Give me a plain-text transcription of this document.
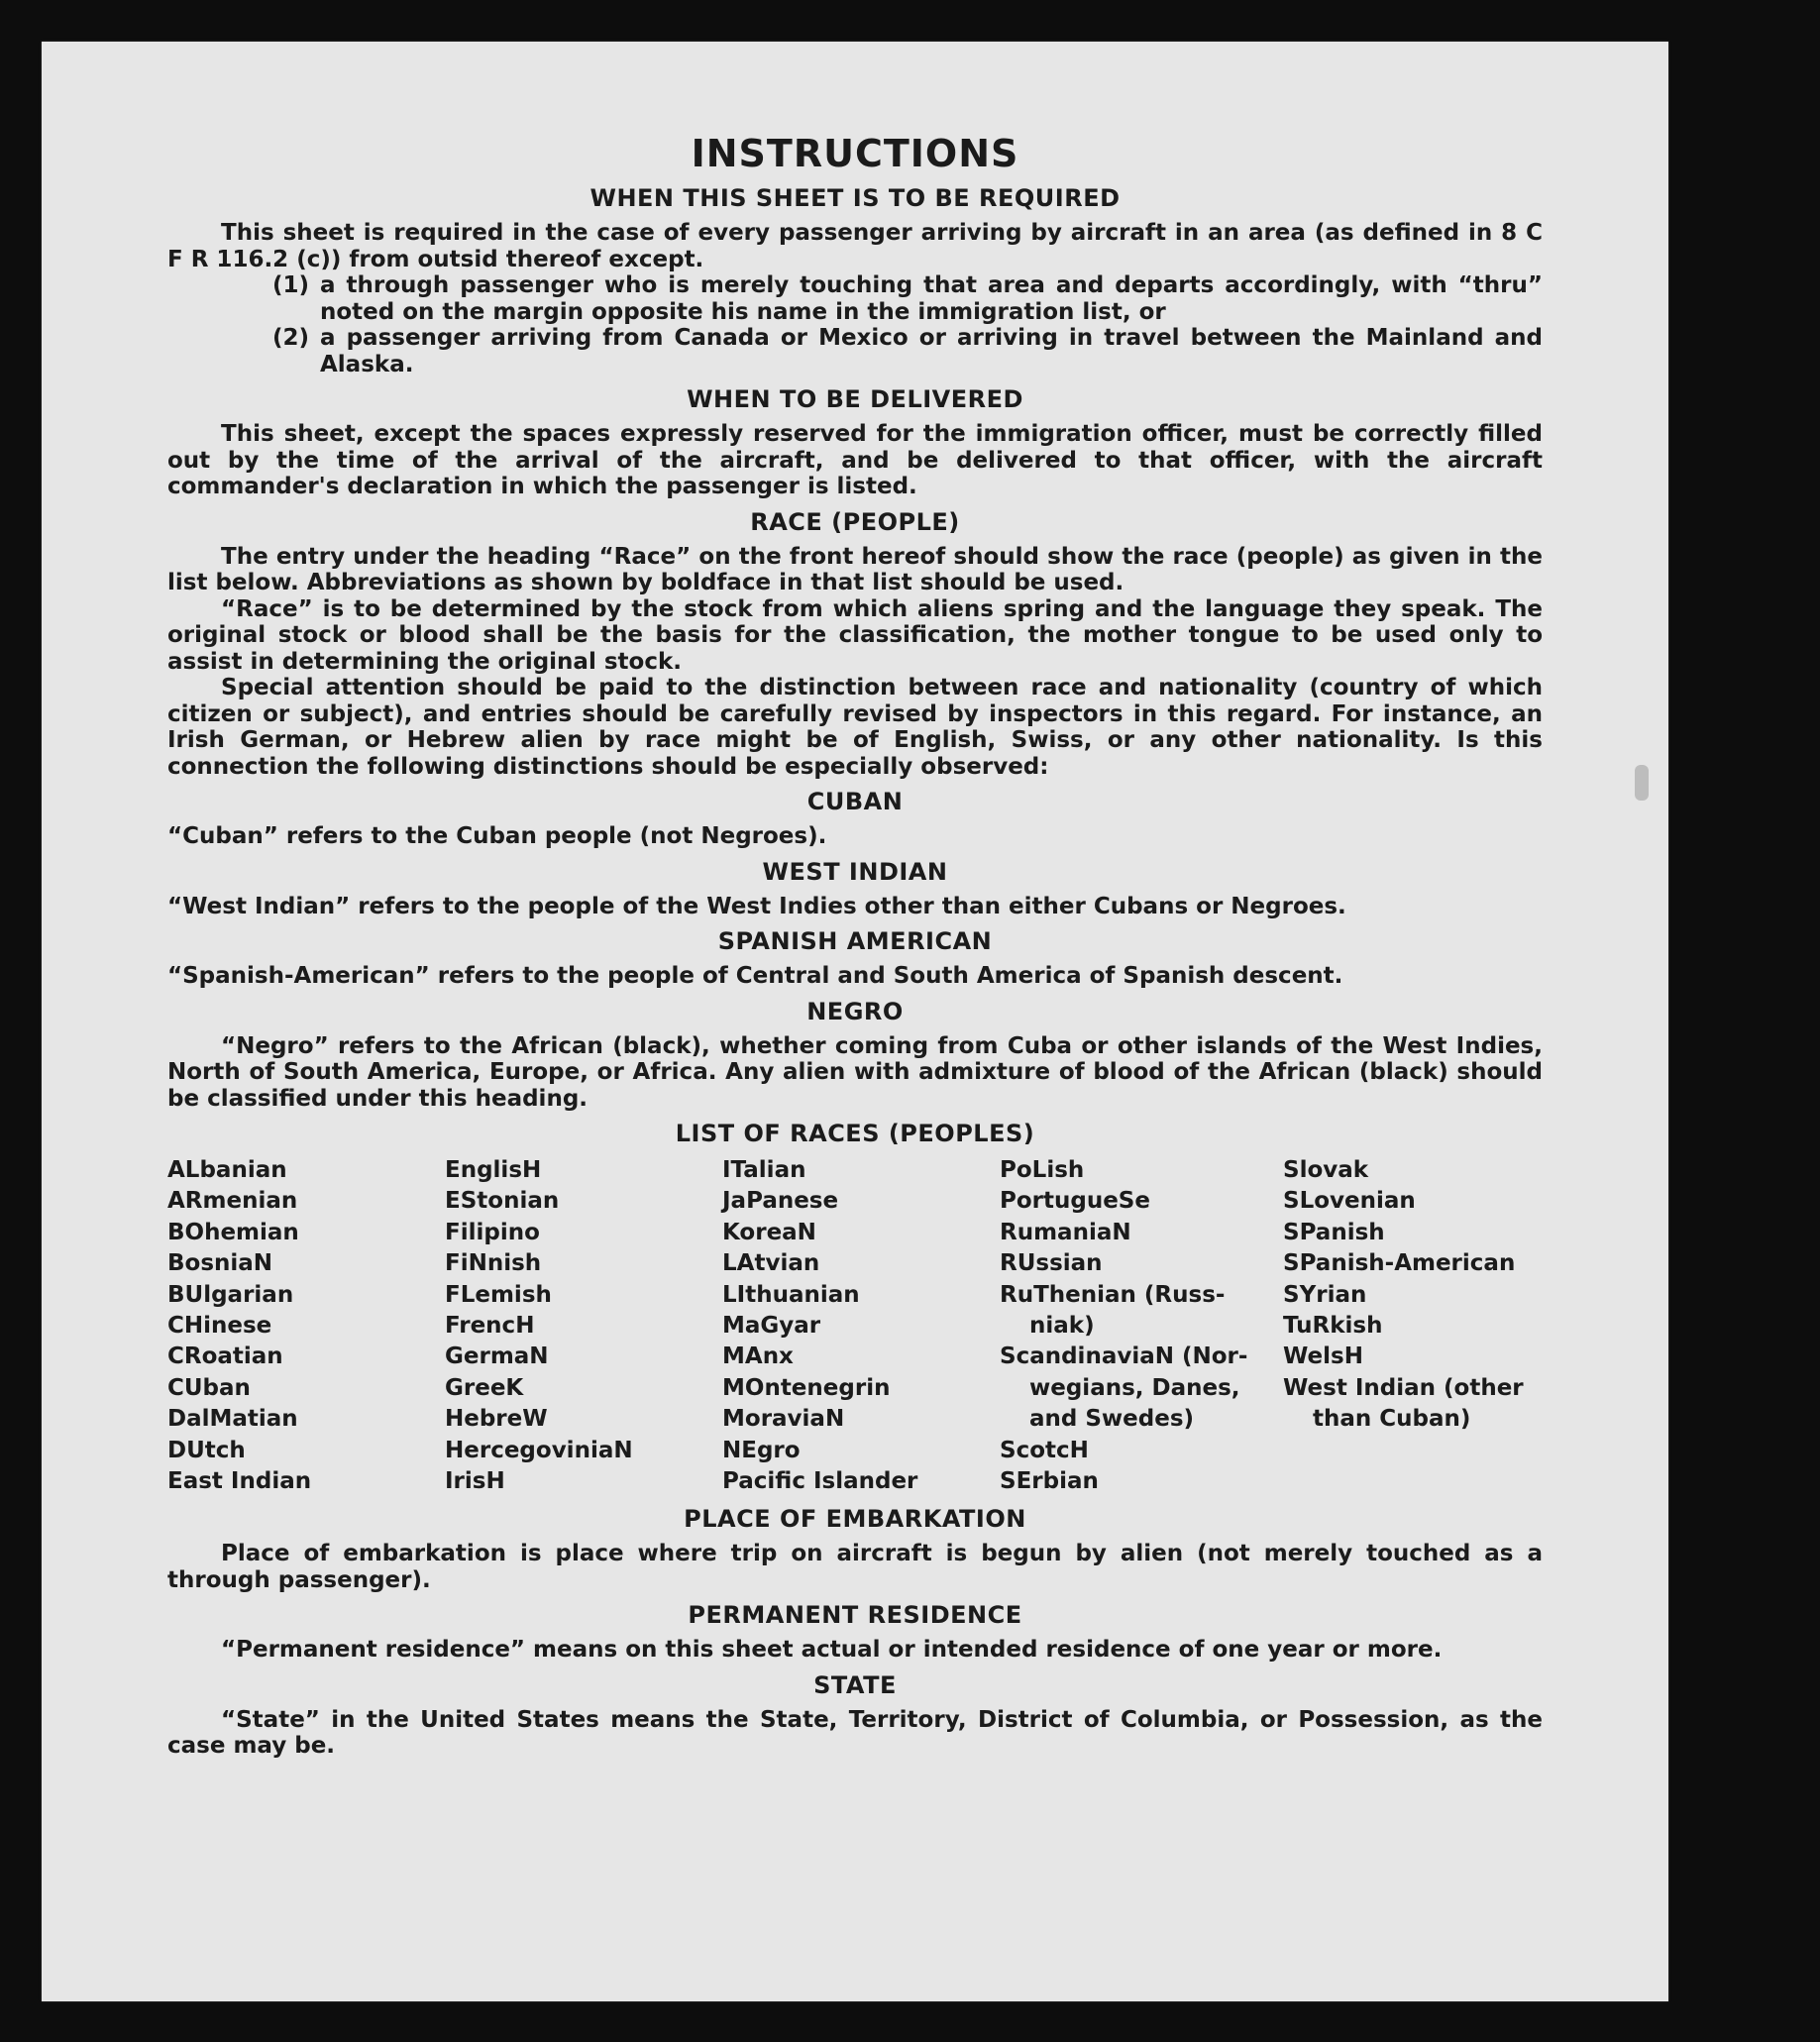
INSTRUCTIONS
WHEN THIS SHEET IS TO BE REQUIRED

This sheet is required in the case of every passenger arriving by aircraft in an area (as defined in 8 C F R 116.2 (c)) from outsid thereof except.

(1) a through passenger who is merely touching that area and departs accordingly, with “thru” noted on the margin opposite his name in the immigration list, or
(2) a passenger arriving from Canada or Mexico or arriving in travel between the Mainland and Alaska.
WHEN TO BE DELIVERED

This sheet, except the spaces expressly reserved for the immigration officer, must be correctly filled out by the time of the arrival of the aircraft, and be delivered to that officer, with the aircraft commander's declaration in which the passenger is listed.

RACE (PEOPLE)

The entry under the heading “Race” on the front hereof should show the race (people) as given in the list below. Abbreviations as shown by boldface in that list should be used.

“Race” is to be determined by the stock from which aliens spring and the language they speak. The original stock or blood shall be the basis for the classification, the mother tongue to be used only to assist in determining the original stock.

Special attention should be paid to the distinction between race and nationality (country of which citizen or subject), and entries should be carefully revised by inspectors in this regard. For instance, an Irish German, or Hebrew alien by race might be of English, Swiss, or any other nationality. Is this connection the following distinctions should be especially observed:

CUBAN

“Cuban” refers to the Cuban people (not Negroes).

WEST INDIAN

“West Indian” refers to the people of the West Indies other than either Cubans or Negroes.

SPANISH AMERICAN

“Spanish-American” refers to the people of Central and South America of Spanish descent.

NEGRO

“Negro” refers to the African (black), whether coming from Cuba or other islands of the West Indies, North of South America, Europe, or Africa. Any alien with admixture of blood of the African (black) should be classified under this heading.

LIST OF RACES (PEOPLES)
ALbanian
ARmenian
BOhemian
BosniaN
BUlgarian
CHinese
CRoatian
CUban
DalMatian
DUtch
East Indian
EnglisH
EStonian
Filipino
FiNnish
FLemish
FrencH
GermaN
GreeK
HebreW
HercegoviniaN
IrisH
ITalian
JaPanese
KoreaN
LAtvian
LIthuanian
MaGyar
MAnx
MOntenegrin
MoraviaN
NEgro
Pacific Islander
PoLish
PortugueSe
RumaniaN
RUssian
RuThenian (Russ-
niak)
ScandinaviaN (Nor-
wegians, Danes,
and Swedes)
ScotcH
SErbian
Slovak
SLovenian
SPanish
SPanish-American
SYrian
TuRkish
WelsH
West Indian (other
than Cuban)
PLACE OF EMBARKATION

Place of embarkation is place where trip on aircraft is begun by alien (not merely touched as a through passenger).

PERMANENT RESIDENCE

“Permanent residence” means on this sheet actual or intended residence of one year or more.

STATE

“State” in the United States means the State, Territory, District of Columbia, or Possession, as the case may be.
